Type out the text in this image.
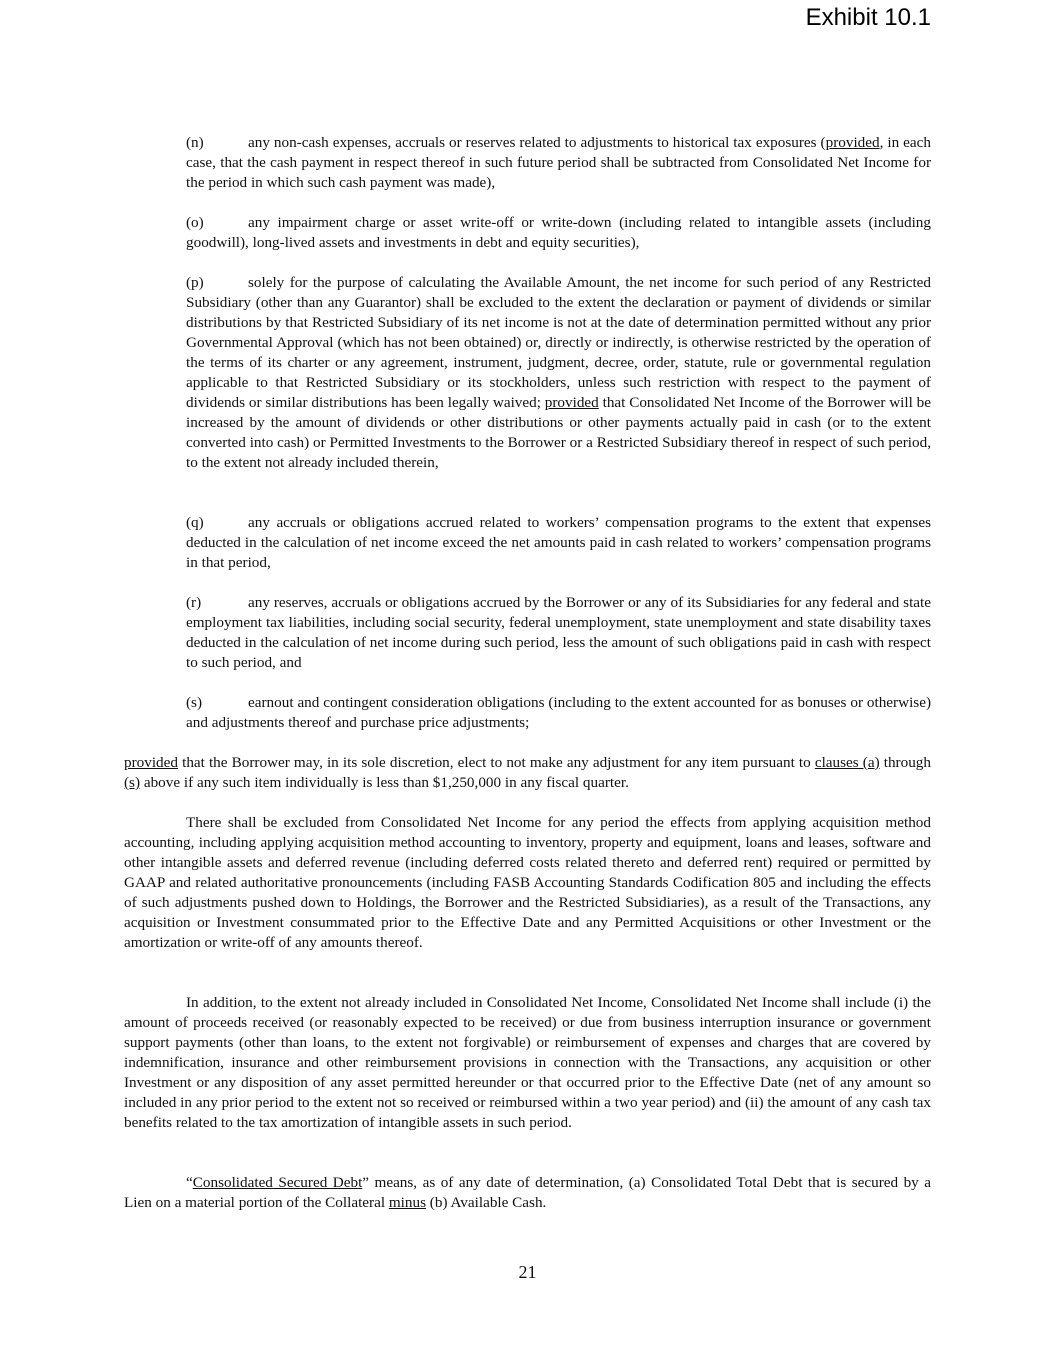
Exhibit 10.1

(n)	any non-cash expenses, accruals or reserves related to adjustments to historical tax exposures (provided, in each case, that the cash payment in respect thereof in such future period shall be subtracted from Consolidated Net Income for the period in which such cash payment was made),

(o)	any impairment charge or asset write-off or write-down (including related to intangible assets (including goodwill), long-lived assets and investments in debt and equity securities),

(p)	solely for the purpose of calculating the Available Amount, the net income for such period of any Restricted Subsidiary (other than any Guarantor) shall be excluded to the extent the declaration or payment of dividends or similar distributions by that Restricted Subsidiary of its net income is not at the date of determination permitted without any prior Governmental Approval (which has not been obtained) or, directly or indirectly, is otherwise restricted by the operation of the terms of its charter or any agreement, instrument, judgment, decree, order, statute, rule or governmental regulation applicable to that Restricted Subsidiary or its stockholders, unless such restriction with respect to the payment of dividends or similar distributions has been legally waived; provided that Consolidated Net Income of the Borrower will be increased by the amount of dividends or other distributions or other payments actually paid in cash (or to the extent converted into cash) or Permitted Investments to the Borrower or a Restricted Subsidiary thereof in respect of such period, to the extent not already included therein,

(q)	any accruals or obligations accrued related to workers’ compensation programs to the extent that expenses deducted in the calculation of net income exceed the net amounts paid in cash related to workers’ compensation programs in that period,

(r)	any reserves, accruals or obligations accrued by the Borrower or any of its Subsidiaries for any federal and state employment tax liabilities, including social security, federal unemployment, state unemployment and state disability taxes deducted in the calculation of net income during such period, less the amount of such obligations paid in cash with respect to such period, and

(s)	earnout and contingent consideration obligations (including to the extent accounted for as bonuses or otherwise) and adjustments thereof and purchase price adjustments;

provided that the Borrower may, in its sole discretion, elect to not make any adjustment for any item pursuant to clauses (a) through (s) above if any such item individually is less than $1,250,000 in any fiscal quarter.

There shall be excluded from Consolidated Net Income for any period the effects from applying acquisition method accounting, including applying acquisition method accounting to inventory, property and equipment, loans and leases, software and other intangible assets and deferred revenue (including deferred costs related thereto and deferred rent) required or permitted by GAAP and related authoritative pronouncements (including FASB Accounting Standards Codification 805 and including the effects of such adjustments pushed down to Holdings, the Borrower and the Restricted Subsidiaries), as a result of the Transactions, any acquisition or Investment consummated prior to the Effective Date and any Permitted Acquisitions or other Investment or the amortization or write-off of any amounts thereof.

In addition, to the extent not already included in Consolidated Net Income, Consolidated Net Income shall include (i) the amount of proceeds received (or reasonably expected to be received) or due from business interruption insurance or government support payments (other than loans, to the extent not forgivable) or reimbursement of expenses and charges that are covered by indemnification, insurance and other reimbursement provisions in connection with the Transactions, any acquisition or other Investment or any disposition of any asset permitted hereunder or that occurred prior to the Effective Date (net of any amount so included in any prior period to the extent not so received or reimbursed within a two year period) and (ii) the amount of any cash tax benefits related to the tax amortization of intangible assets in such period.

“Consolidated Secured Debt” means, as of any date of determination, (a) Consolidated Total Debt that is secured by a Lien on a material portion of the Collateral minus (b) Available Cash.

21
